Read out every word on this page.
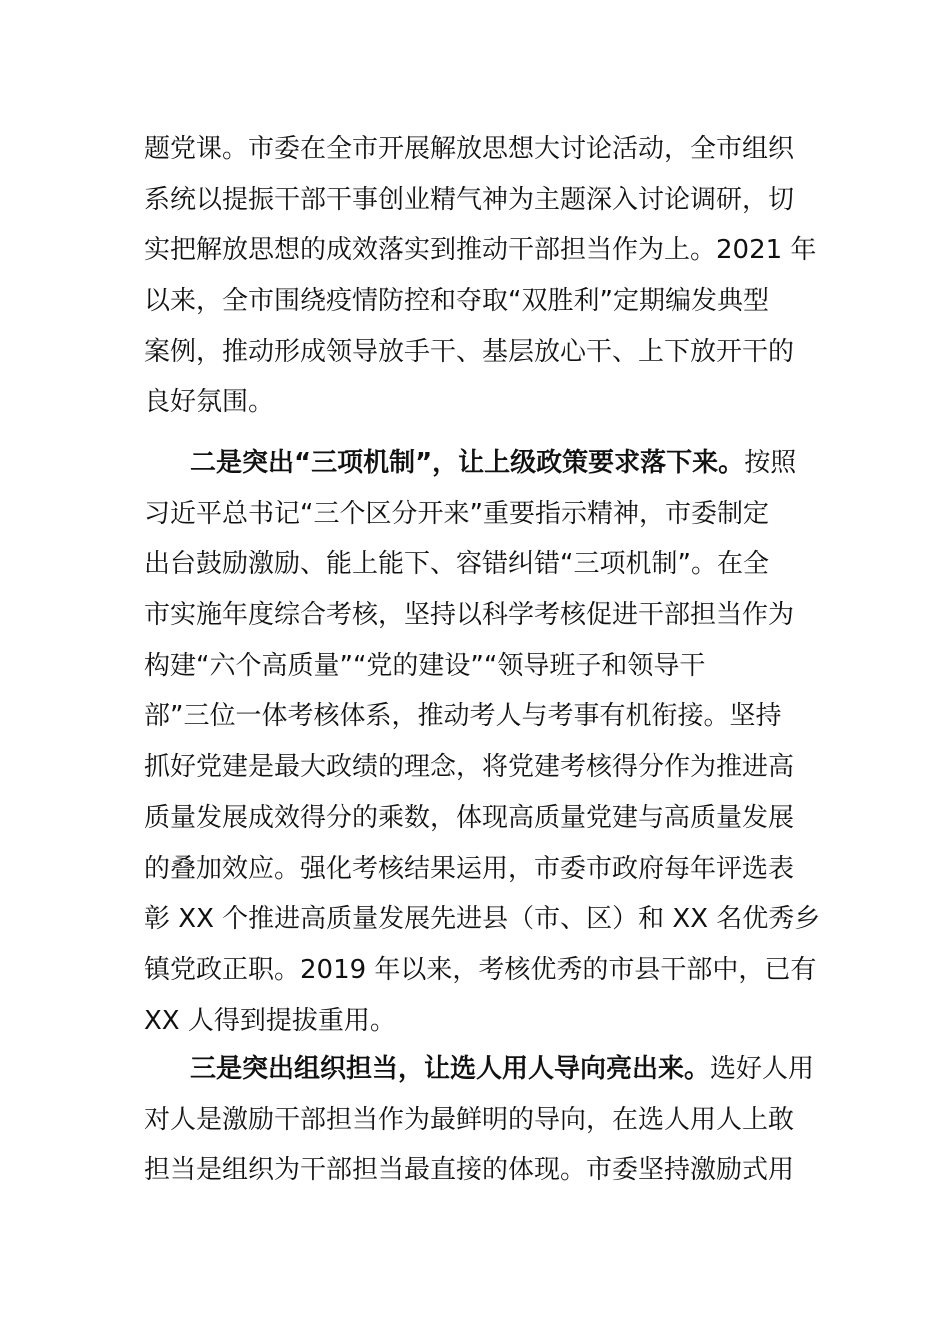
题党课。市委在全市开展解放思想大讨论活动，全市组织
系统以提振干部干事创业精气神为主题深入讨论调研，切
实把解放思想的成效落实到推动干部担当作为上。2021 年
以来，全市围绕疫情防控和夺取“双胜利”定期编发典型
案例，推动形成领导放手干、基层放心干、上下放开干的
良好氛围。
二是突出“三项机制”，让上级政策要求落下来。按照
习近平总书记“三个区分开来”重要指示精神，市委制定
出台鼓励激励、能上能下、容错纠错“三项机制”。在全
市实施年度综合考核，坚持以科学考核促进干部担当作为
构建“六个高质量”“党的建设”“领导班子和领导干
部”三位一体考核体系，推动考人与考事有机衔接。坚持
抓好党建是最大政绩的理念，将党建考核得分作为推进高
质量发展成效得分的乘数，体现高质量党建与高质量发展
的叠加效应。强化考核结果运用，市委市政府每年评选表
彰 XX 个推进高质量发展先进县（市、区）和 XX 名优秀乡
镇党政正职。2019 年以来，考核优秀的市县干部中，已有
XX 人得到提拔重用。
三是突出组织担当，让选人用人导向亮出来。选好人用
对人是激励干部担当作为最鲜明的导向，在选人用人上敢
担当是组织为干部担当最直接的体现。市委坚持激励式用
